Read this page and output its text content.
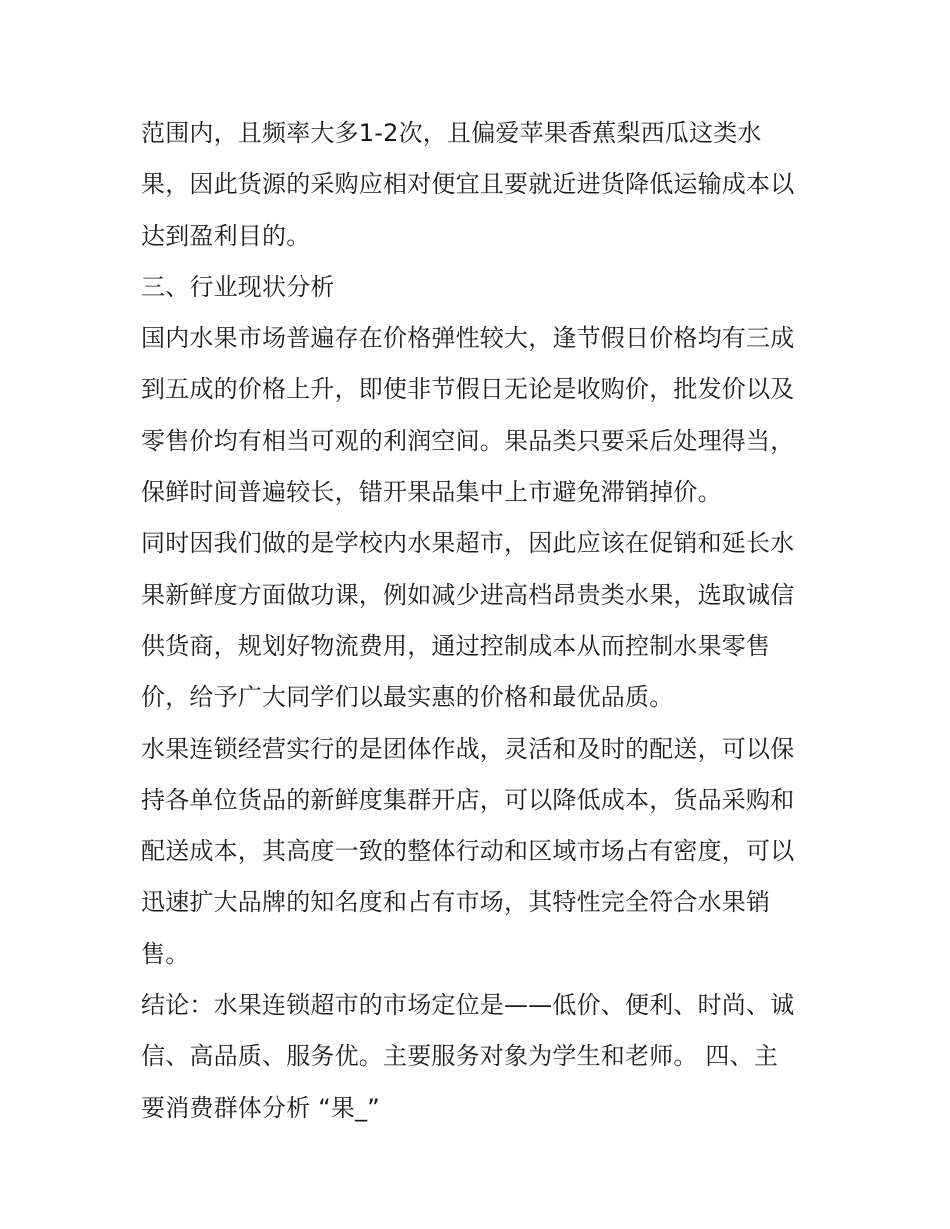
范围内，且频率大多1-2次，且偏爱苹果香蕉梨西瓜这类水
果，因此货源的采购应相对便宜且要就近进货降低运输成本以
达到盈利目的。
三、行业现状分析
国内水果市场普遍存在价格弹性较大，逢节假日价格均有三成
到五成的价格上升，即使非节假日无论是收购价，批发价以及
零售价均有相当可观的利润空间。果品类只要采后处理得当，
保鲜时间普遍较长，错开果品集中上市避免滞销掉价。
同时因我们做的是学校内水果超市，因此应该在促销和延长水
果新鲜度方面做功课，例如减少进高档昂贵类水果，选取诚信
供货商，规划好物流费用，通过控制成本从而控制水果零售
价，给予广大同学们以最实惠的价格和最优品质。
水果连锁经营实行的是团体作战，灵活和及时的配送，可以保
持各单位货品的新鲜度集群开店，可以降低成本，货品采购和
配送成本，其高度一致的整体行动和区域市场占有密度，可以
迅速扩大品牌的知名度和占有市场，其特性完全符合水果销
售。
结论：水果连锁超市的市场定位是——低价、便利、时尚、诚
信、高品质、服务优。主要服务对象为学生和老师。 四、主
要消费群体分析 “果_”
